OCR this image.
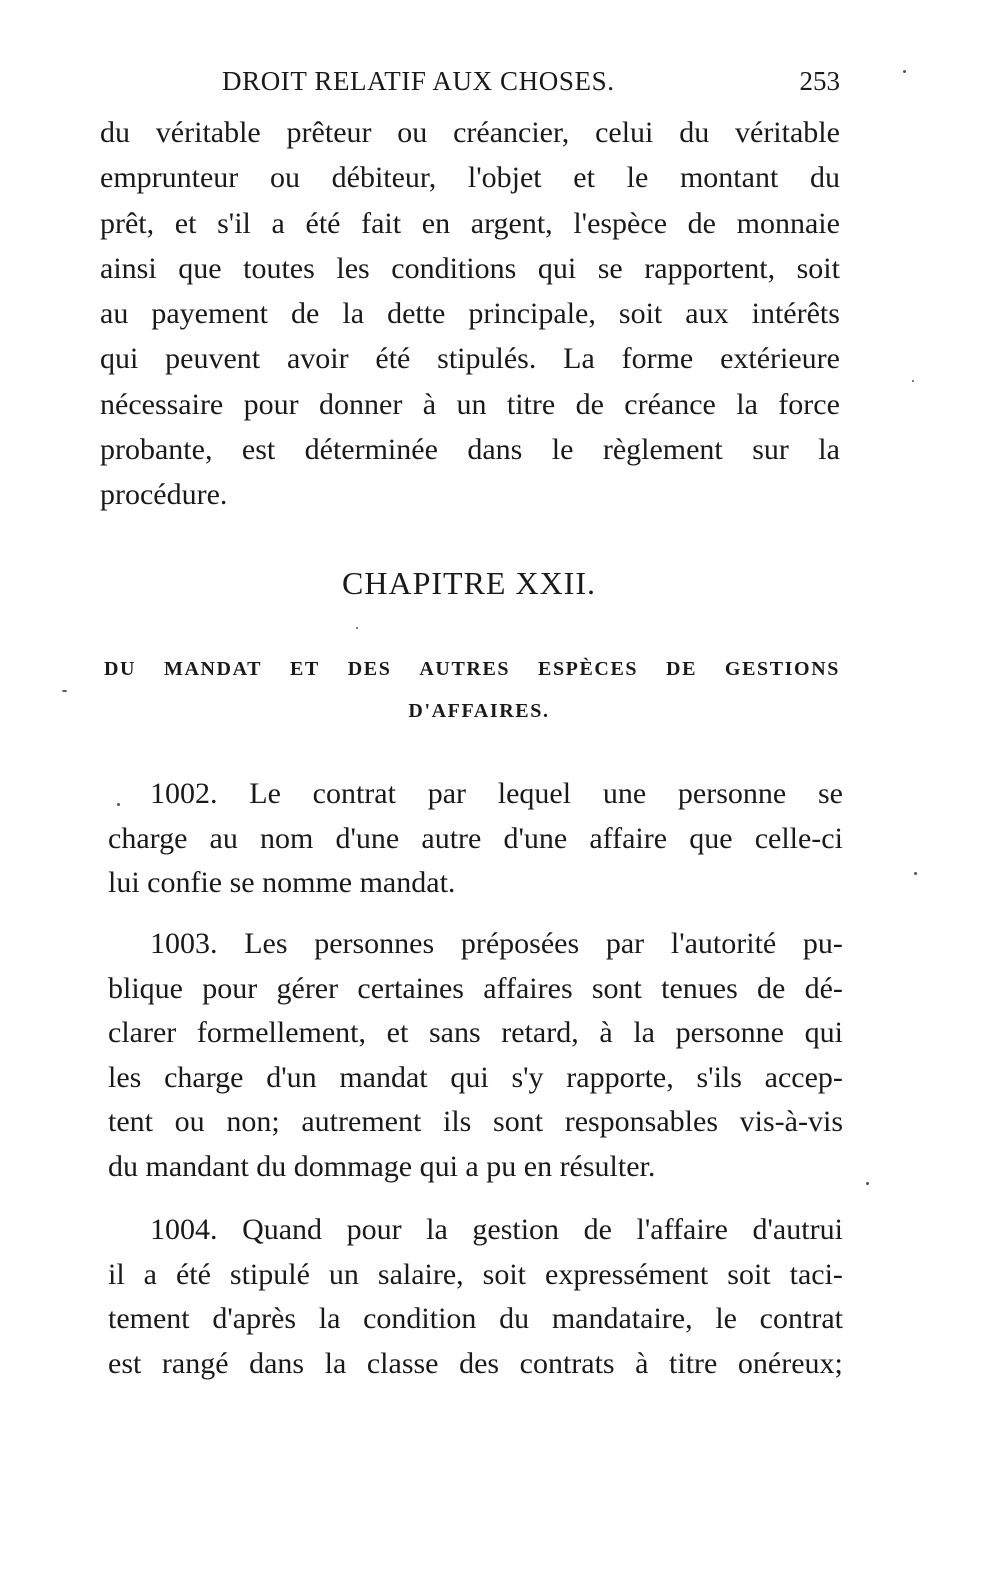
DROIT RELATIF AUX CHOSES.	253
du véritable prêteur ou créancier, celui du véritable
emprunteur ou débiteur, l'objet et le montant du
prêt, et s'il a été fait en argent, l'espèce de monnaie
ainsi que toutes les conditions qui se rapportent, soit
au payement de la dette principale, soit aux intérêts
qui peuvent avoir été stipulés. La forme extérieure
nécessaire pour donner à un titre de créance la force
probante, est déterminée dans le règlement sur la
procédure.
CHAPITRE XXII.
DU MANDAT ET DES AUTRES ESPÈCES DE GESTIONS
D'AFFAIRES.
1002. Le contrat par lequel une personne se
charge au nom d'une autre d'une affaire que celle-ci
lui confie se nomme mandat.
1003. Les personnes préposées par l'autorité pu-
blique pour gérer certaines affaires sont tenues de dé-
clarer formellement, et sans retard, à la personne qui
les charge d'un mandat qui s'y rapporte, s'ils accep-
tent ou non; autrement ils sont responsables vis-à-vis
du mandant du dommage qui a pu en résulter.
1004. Quand pour la gestion de l'affaire d'autrui
il a été stipulé un salaire, soit expressément soit taci-
tement d'après la condition du mandataire, le contrat
est rangé dans la classe des contrats à titre onéreux;
